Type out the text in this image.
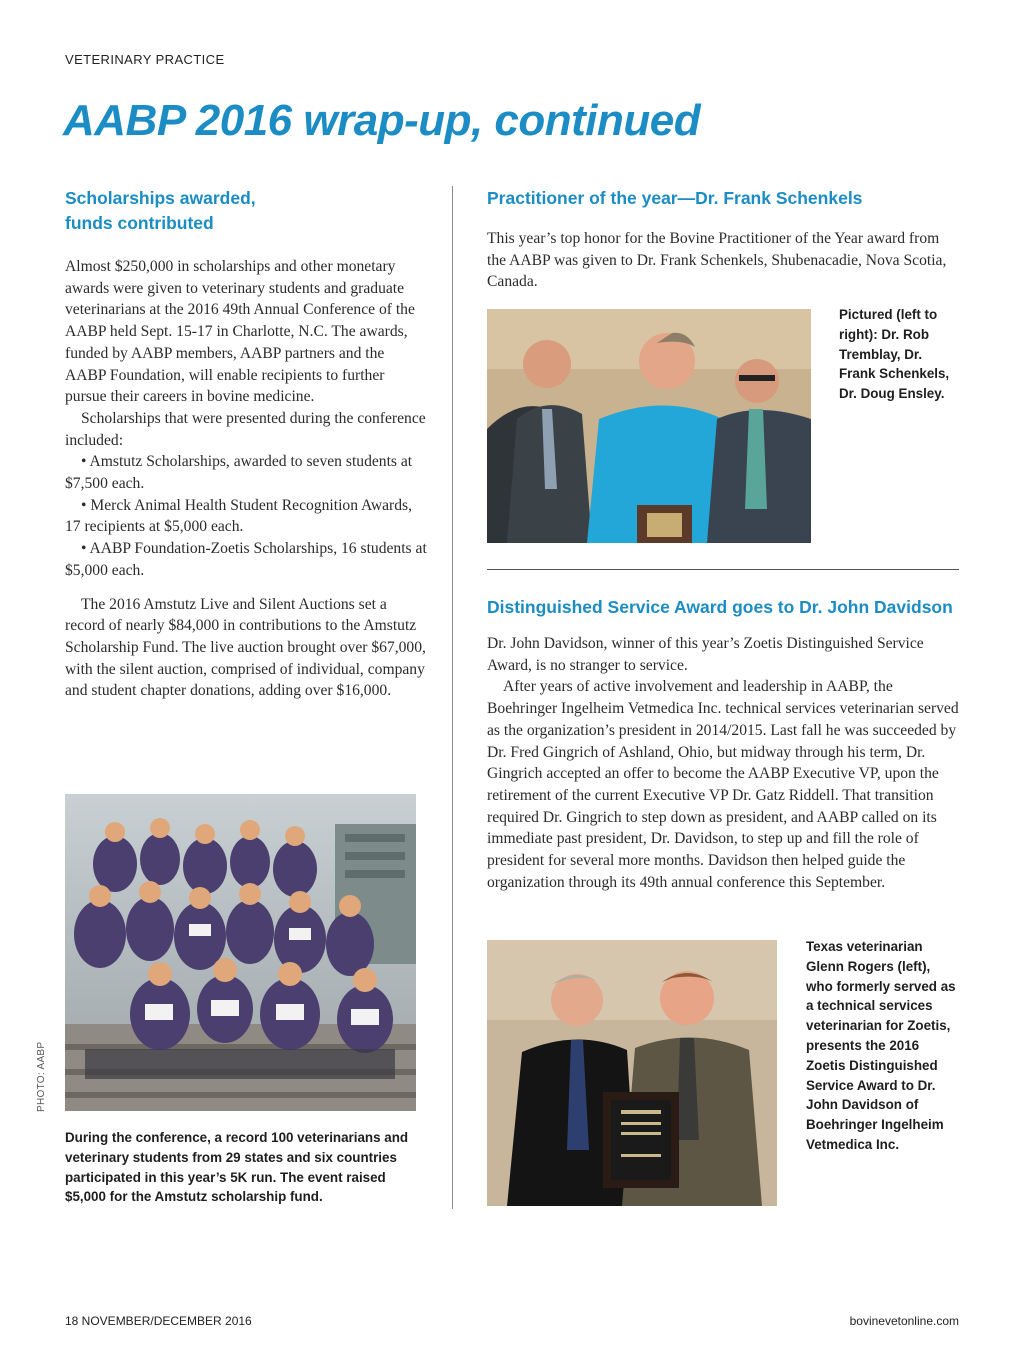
VETERINARY PRACTICE
AABP 2016 wrap-up, continued
Scholarships awarded,
funds contributed

Almost $250,000 in scholarships and other monetary awards were given to veterinary students and graduate veterinarians at the 2016 49th Annual Conference of the AABP held Sept. 15-17 in Charlotte, N.C. The awards, funded by AABP members, AABP partners and the AABP Foundation, will enable recipients to further pursue their careers in bovine medicine.

Scholarships that were presented during the conference included:

• Amstutz Scholarships, awarded to seven students at $7,500 each.

• Merck Animal Health Student Recognition Awards, 17 recipients at $5,000 each.

• AABP Foundation-Zoetis Scholarships, 16 students at $5,000 each.

The 2016 Amstutz Live and Silent Auctions set a record of nearly $84,000 in contributions to the Amstutz Scholarship Fund. The live auction brought over $67,000, with the silent auction, comprised of individual, company and student chapter donations, adding over $16,000.

PHOTO: AABP

During the conference, a record 100 veterinarians and veterinary students from 29 states and six countries participated in this year’s 5K run. The event raised $5,000 for the Amstutz scholarship fund.

Practitioner of the year—Dr. Frank Schenkels

This year’s top honor for the Bovine Practitioner of the Year award from the AABP was given to Dr. Frank Schenkels, Shubenacadie, Nova Scotia, Canada.

Pictured (left to right): Dr. Rob Tremblay, Dr. Frank Schenkels, Dr. Doug Ensley.

Distinguished Service Award goes to Dr. John Davidson

Dr. John Davidson, winner of this year’s Zoetis Distinguished Service Award, is no stranger to service.

After years of active involvement and leadership in AABP, the Boehringer Ingelheim Vetmedica Inc. technical services veterinarian served as the organization’s president in 2014/2015. Last fall he was succeeded by Dr. Fred Gingrich of Ashland, Ohio, but midway through his term, Dr. Gingrich accepted an offer to become the AABP Executive VP, upon the retirement of the current Executive VP Dr. Gatz Riddell. That transition required Dr. Gingrich to step down as president, and AABP called on its immediate past president, Dr. Davidson, to step up and fill the role of president for several more months. Davidson then helped guide the organization through its 49th annual conference this September.

Texas veterinarian Glenn Rogers (left), who formerly served as a technical services veterinarian for Zoetis, presents the 2016 Zoetis Distinguished Service Award to Dr. John Davidson of Boehringer Ingelheim Vetmedica Inc.

18 NOVEMBER/DECEMBER 2016	bovinevetonline.com
